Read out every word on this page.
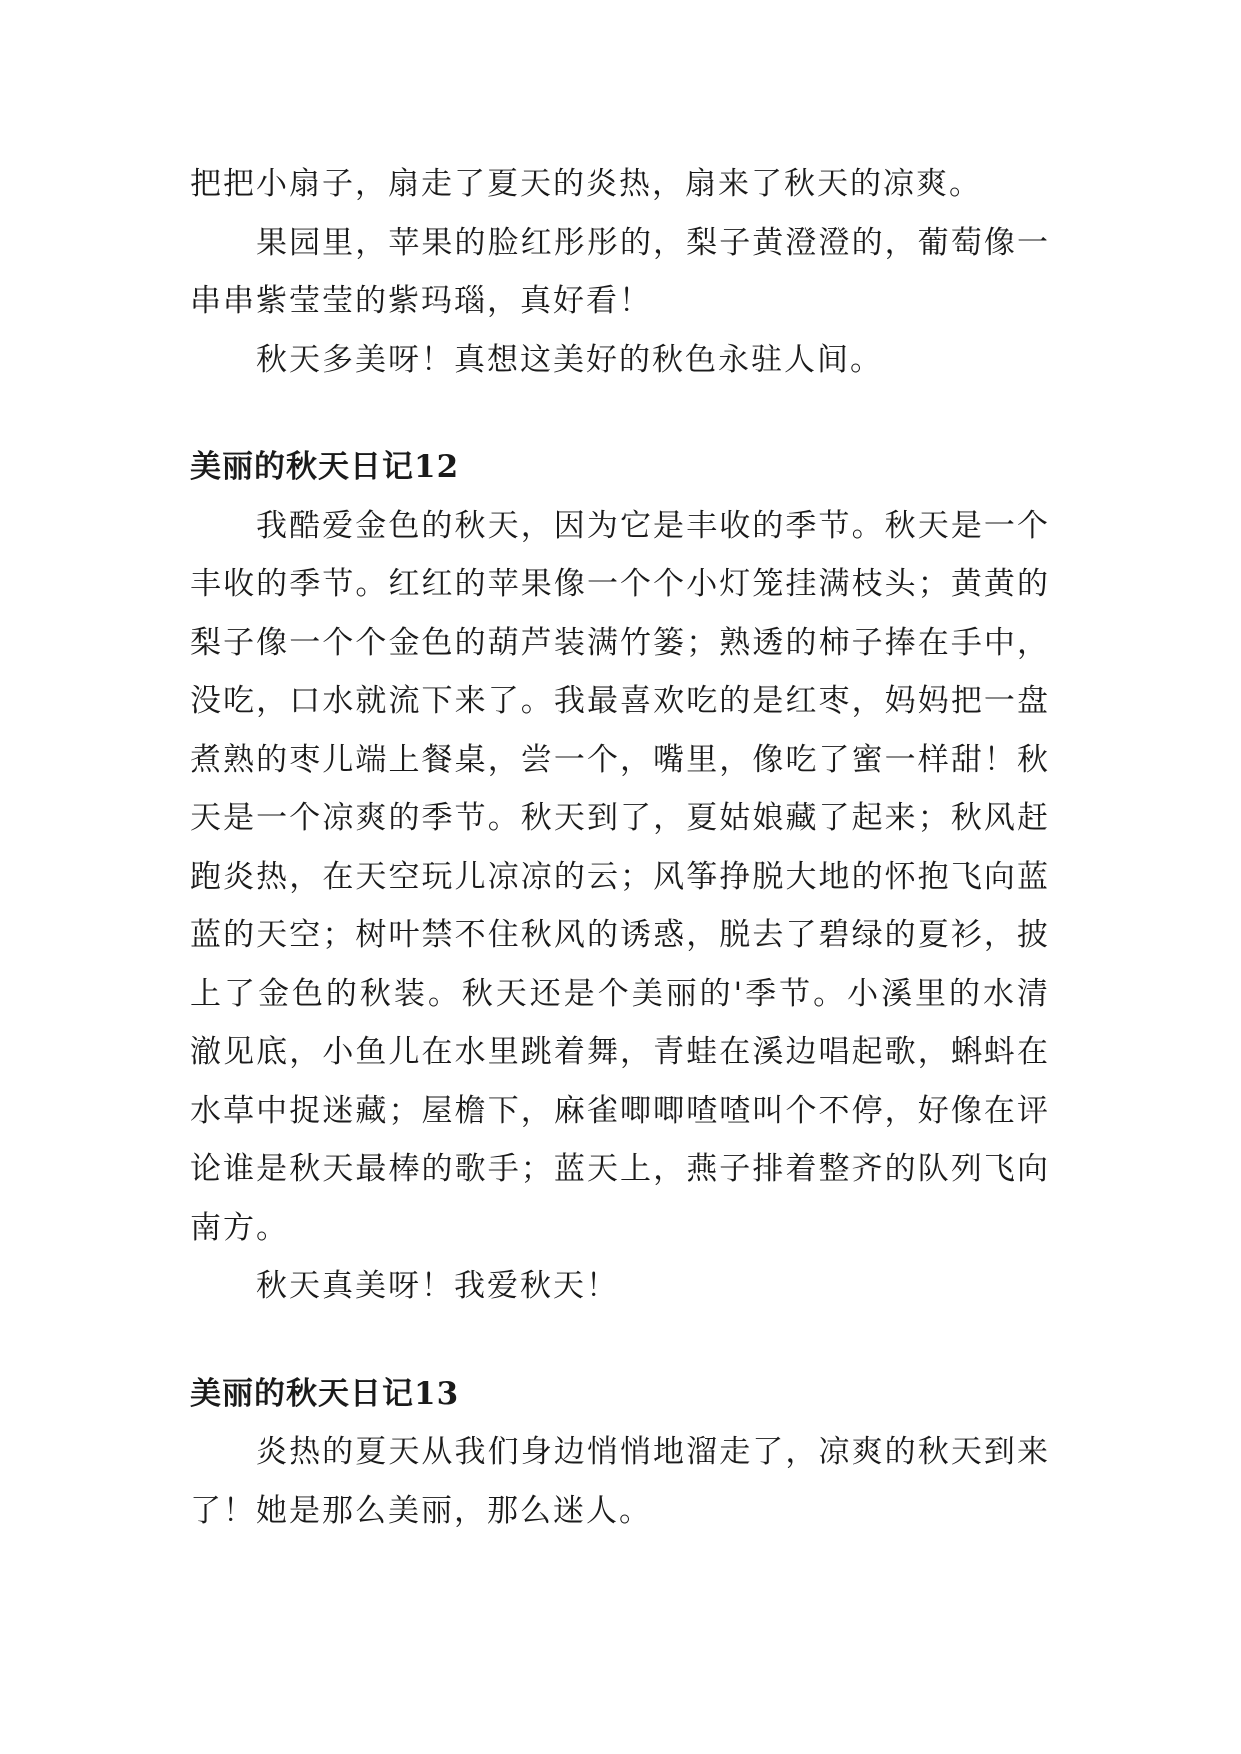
把把小扇子，扇走了夏天的炎热，扇来了秋天的凉爽。

果园里，苹果的脸红彤彤的，梨子黄澄澄的，葡萄像一串串紫莹莹的紫玛瑙，真好看！

秋天多美呀！真想这美好的秋色永驻人间。

美丽的秋天日记12

我酷爱金色的秋天，因为它是丰收的季节。秋天是一个丰收的季节。红红的苹果像一个个小灯笼挂满枝头；黄黄的梨子像一个个金色的葫芦装满竹篓；熟透的柿子捧在手中，没吃，口水就流下来了。我最喜欢吃的是红枣，妈妈把一盘煮熟的枣儿端上餐桌，尝一个，嘴里，像吃了蜜一样甜！秋天是一个凉爽的季节。秋天到了，夏姑娘藏了起来；秋风赶跑炎热，在天空玩儿凉凉的云；风筝挣脱大地的怀抱飞向蓝蓝的天空；树叶禁不住秋风的诱惑，脱去了碧绿的夏衫，披上了金色的秋装。秋天还是个美丽的'季节。小溪里的水清澈见底，小鱼儿在水里跳着舞，青蛙在溪边唱起歌，蝌蚪在水草中捉迷藏；屋檐下，麻雀唧唧喳喳叫个不停，好像在评论谁是秋天最棒的歌手；蓝天上，燕子排着整齐的队列飞向南方。

秋天真美呀！我爱秋天！

美丽的秋天日记13

炎热的夏天从我们身边悄悄地溜走了，凉爽的秋天到来了！她是那么美丽，那么迷人。
